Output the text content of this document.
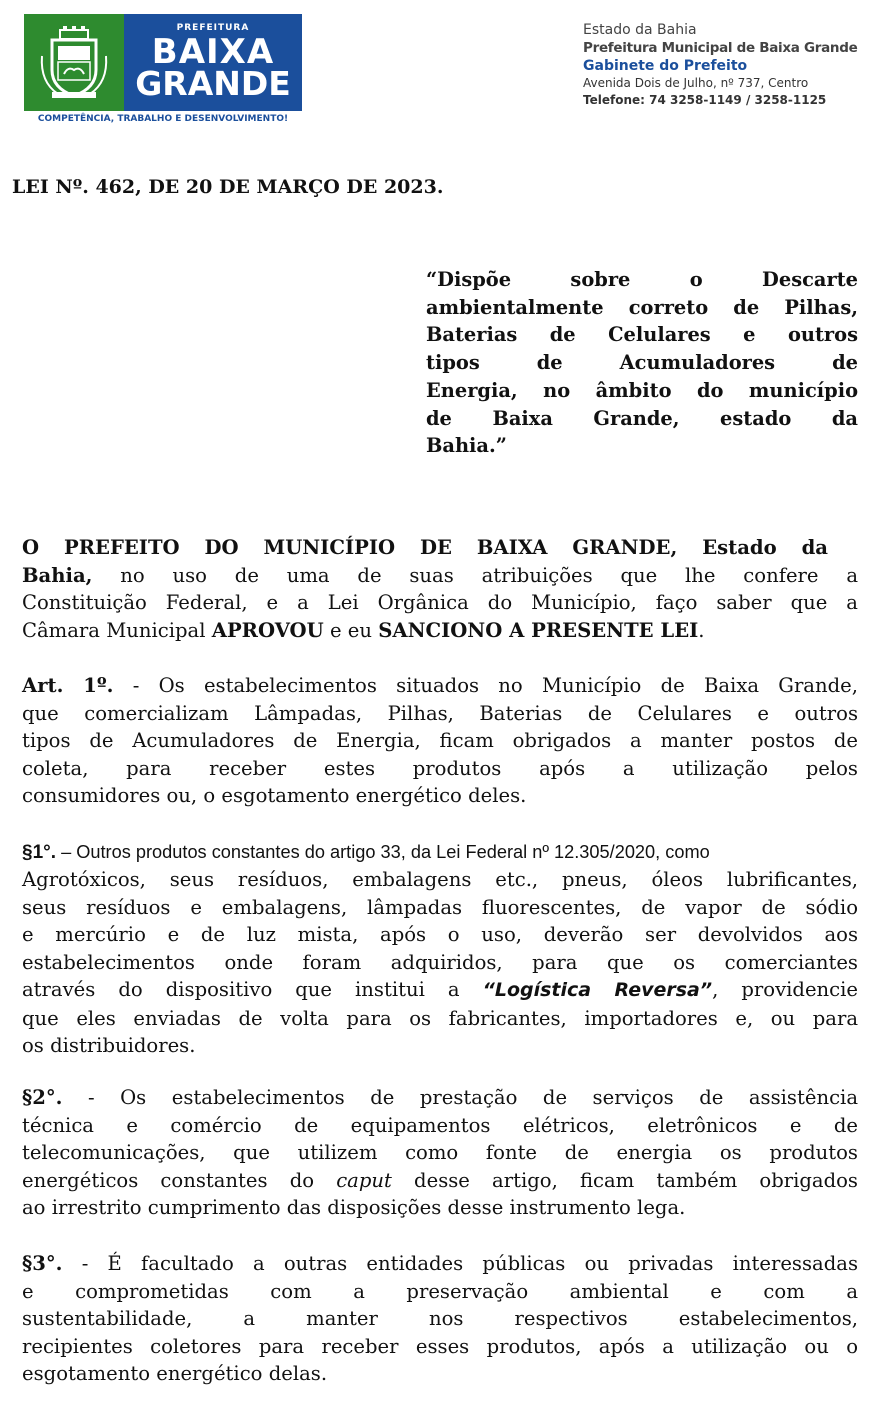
PREFEITURA
BAIXA
GRANDE
COMPETÊNCIA, TRABALHO E DESENVOLVIMENTO!
Estado da Bahia
Prefeitura Municipal de Baixa Grande
Gabinete do Prefeito
Avenida Dois de Julho, nº 737, Centro
Telefone: 74 3258-1149 / 3258-1125
LEI Nº. 462, DE 20 DE MARÇO DE 2023.
“Dispõe sobre o Descarte
ambientalmente correto de Pilhas,
Baterias de Celulares e outros
tipos de Acumuladores de
Energia, no âmbito do município
de Baixa Grande, estado da
Bahia.”
O PREFEITO DO MUNICÍPIO DE BAIXA GRANDE, Estado da
Bahia, no uso de uma de suas atribuições que lhe confere a
Constituição Federal, e a Lei Orgânica do Município, faço saber que a
Câmara Municipal APROVOU e eu SANCIONO A PRESENTE LEI.
Art. 1º. - Os estabelecimentos situados no Município de Baixa Grande,
que comercializam Lâmpadas, Pilhas, Baterias de Celulares e outros
tipos de Acumuladores de Energia, ficam obrigados a manter postos de
coleta, para receber estes produtos após a utilização pelos
consumidores ou, o esgotamento energético deles.
§1°. – Outros produtos constantes do artigo 33, da Lei Federal nº 12.305/2020, como
Agrotóxicos, seus resíduos, embalagens etc., pneus, óleos lubrificantes,
seus resíduos e embalagens, lâmpadas fluorescentes, de vapor de sódio
e mercúrio e de luz mista, após o uso, deverão ser devolvidos aos
estabelecimentos onde foram adquiridos, para que os comerciantes
através do dispositivo que institui a “Logística Reversa”, providencie
que eles enviadas de volta para os fabricantes, importadores e, ou para
os distribuidores.
§2°. - Os estabelecimentos de prestação de serviços de assistência
técnica e comércio de equipamentos elétricos, eletrônicos e de
telecomunicações, que utilizem como fonte de energia os produtos
energéticos constantes do caput desse artigo, ficam também obrigados
ao irrestrito cumprimento das disposições desse instrumento lega.
§3°. - É facultado a outras entidades públicas ou privadas interessadas
e comprometidas com a preservação ambiental e com a
sustentabilidade, a manter nos respectivos estabelecimentos,
recipientes coletores para receber esses produtos, após a utilização ou o
esgotamento energético delas.
